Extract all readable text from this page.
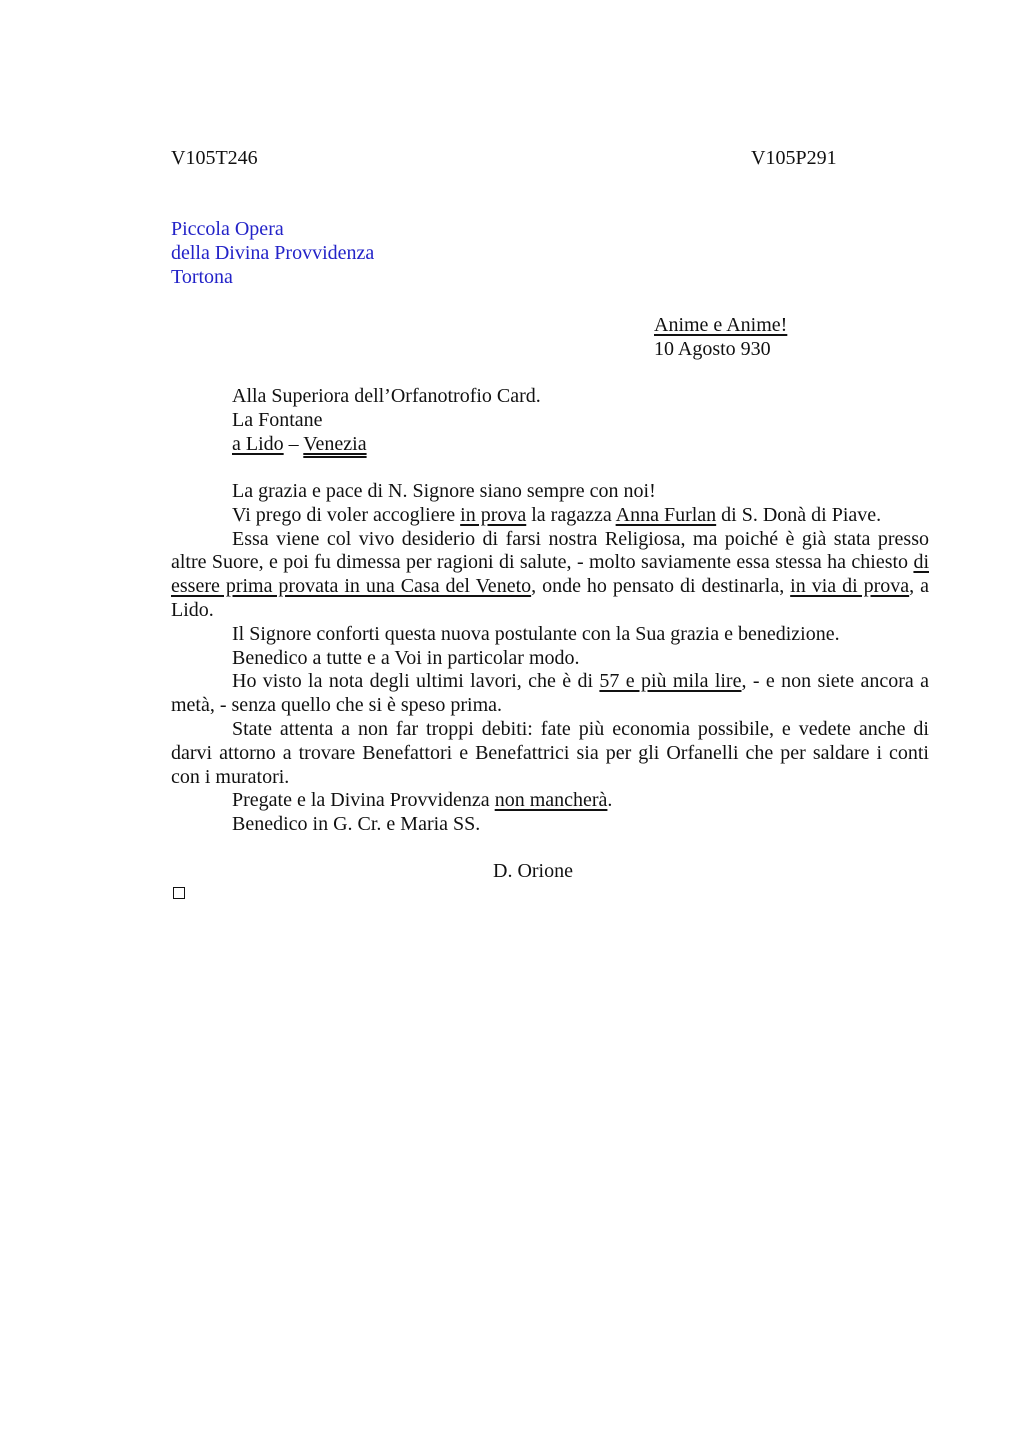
V105T246	V105P291
Piccola Opera
della Divina Provvidenza
Tortona
Anime e Anime!
10 Agosto 930
Alla Superiora dell’Orfanotrofio Card.
La Fontane
a Lido – Venezia

La grazia e pace di N. Signore siano sempre con noi!

Vi prego di voler accogliere in prova la ragazza Anna Furlan di S. Donà di Piave.

Essa viene col vivo desiderio di farsi nostra Religiosa, ma poiché è già stata presso altre Suore, e poi fu dimessa per ragioni di salute, - molto saviamente essa stessa ha chiesto di essere prima provata in una Casa del Veneto, onde ho pensato di destinarla, in via di prova, a Lido.

Il Signore conforti questa nuova postulante con la Sua grazia e benedizione.

Benedico a tutte e a Voi in particolar modo.

Ho visto la nota degli ultimi lavori, che è di 57 e più mila lire, - e non siete ancora a metà, - senza quello che si è speso prima.

State attenta a non far troppi debiti: fate più economia possibile, e vedete anche di darvi attorno a trovare Benefattori e Benefattrici sia per gli Orfanelli che per saldare i conti con i muratori.

Pregate e la Divina Provvidenza non mancherà.

Benedico in G. Cr. e Maria SS.

D. Orione
